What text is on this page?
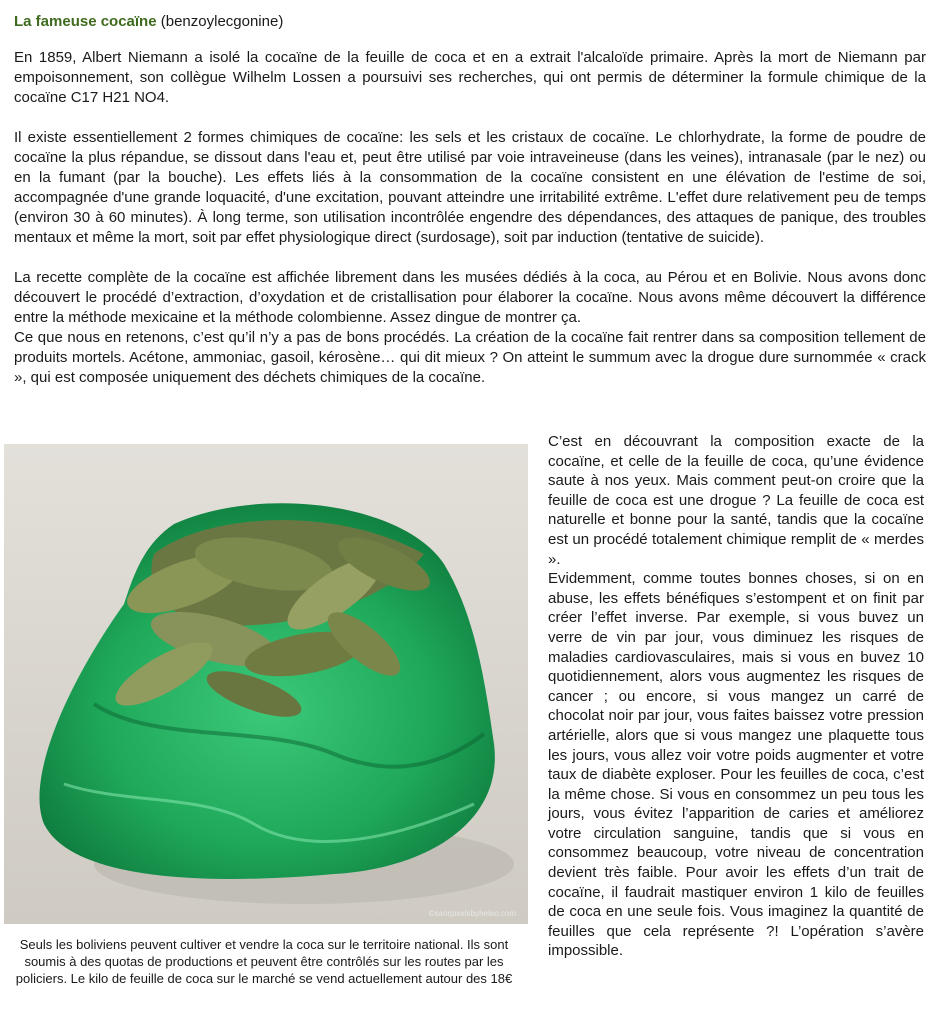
La fameuse cocaïne (benzoylecgonine)

En 1859, Albert Niemann a isolé la cocaïne de la feuille de coca et en a extrait l'alcaloïde primaire. Après la mort de Niemann par empoisonnement, son collègue Wilhelm Lossen a poursuivi ses recherches, qui ont permis de déterminer la formule chimique de la cocaïne C17 H21 NO4.

Il existe essentiellement 2 formes chimiques de cocaïne: les sels et les cristaux de cocaïne. Le chlorhydrate, la forme de poudre de cocaïne la plus répandue, se dissout dans l'eau et, peut être utilisé par voie intraveineuse (dans les veines), intranasale (par le nez) ou en la fumant (par la bouche). Les effets liés à la consommation de la cocaïne consistent en une élévation de l'estime de soi, accompagnée d'une grande loquacité, d'une excitation, pouvant atteindre une irritabilité extrême. L'effet dure relativement peu de temps (environ 30 à 60 minutes). À long terme, son utilisation incontrôlée engendre des dépendances, des attaques de panique, des troubles mentaux et même la mort, soit par effet physiologique direct (surdosage), soit par induction (tentative de suicide).

La recette complète de la cocaïne est affichée librement dans les musées dédiés à la coca, au Pérou et en Bolivie. Nous avons donc découvert le procédé d’extraction, d’oxydation et de cristallisation pour élaborer la cocaïne. Nous avons même découvert la différence entre la méthode mexicaine et la méthode colombienne. Assez dingue de montrer ça.

Ce que nous en retenons, c’est qu’il n’y a pas de bons procédés. La création de la cocaïne fait rentrer dans sa composition tellement de produits mortels. Acétone, ammoniac, gasoil, kérosène… qui dit mieux ? On atteint le summum avec la drogue dure surnommée « crack », qui est composée uniquement des déchets chimiques de la cocaïne.

©sanrpixelsbyhelen.com
Seuls les boliviens peuvent cultiver et vendre la coca sur le territoire national. Ils sont soumis à des quotas de productions et peuvent être contrôlés sur les routes par les policiers. Le kilo de feuille de coca sur le marché se vend actuellement autour des 18€

C’est en découvrant la composition exacte de la cocaïne, et celle de la feuille de coca, qu’une évidence saute à nos yeux. Mais comment peut-on croire que la feuille de coca est une drogue ? La feuille de coca est naturelle et bonne pour la santé, tandis que la cocaïne est un procédé totalement chimique remplit de « merdes ».

Evidemment, comme toutes bonnes choses, si on en abuse, les effets bénéfiques s’estompent et on finit par créer l’effet inverse. Par exemple, si vous buvez un verre de vin par jour, vous diminuez les risques de maladies cardiovasculaires, mais si vous en buvez 10 quotidiennement, alors vous augmentez les risques de cancer ; ou encore, si vous mangez un carré de chocolat noir par jour, vous faites baissez votre pression artérielle, alors que si vous mangez une plaquette tous les jours, vous allez voir votre poids augmenter et votre taux de diabète exploser. Pour les feuilles de coca, c’est la même chose. Si vous en consommez un peu tous les jours, vous évitez l’apparition de caries et améliorez votre circulation sanguine, tandis que si vous en consommez beaucoup, votre niveau de concentration devient très faible. Pour avoir les effets d’un trait de cocaïne, il faudrait mastiquer environ 1 kilo de feuilles de coca en une seule fois. Vous imaginez la quantité de feuilles que cela représente ?! L’opération s’avère impossible.
